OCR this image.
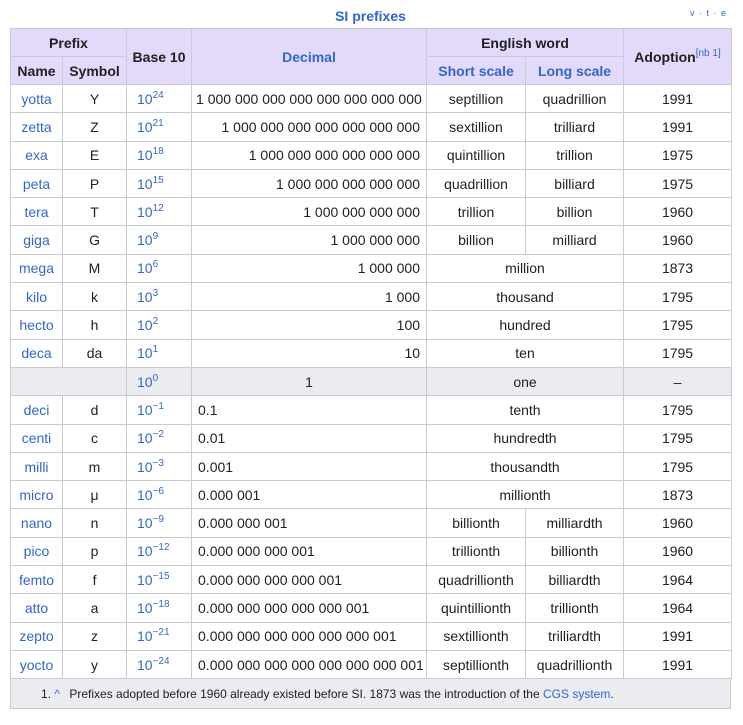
SI prefixes	v · t · e
Prefix		Base 10	Decimal	English word		Adoption[nb 1]
Name	Symbol			Short scale	Long scale	
yotta	Y	$10^{24}$	1 000 000 000 000 000 000 000 000	septillion	quadrillion	1991
zetta	Z	$10^{21}$	1 000 000 000 000 000 000 000	sextillion	trilliard	1991
exa	E	$10^{18}$	1 000 000 000 000 000 000	quintillion	trillion	1975
peta	P	$10^{15}$	1 000 000 000 000 000	quadrillion	billiard	1975
tera	T	$10^{12}$	1 000 000 000 000	trillion	billion	1960
giga	G	$10^9$	1 000 000 000	billion	milliard	1960
mega	M	$10^6$	1 000 000	million		1873
kilo	k	$10^3$	1 000	thousand		1795
hecto	h	$10^2$	100	hundred		1795
deca	da	$10^1$	10	ten		1795
		$10^0$	1	one		–
deci	d	$10^{-1}$	0.1	tenth		1795
centi	c	$10^{-2}$	0.01	hundredth		1795
milli	m	$10^{-3}$	0.001	thousandth		1795
micro	μ	$10^{-6}$	0.000 001	millionth		1873
nano	n	$10^{-9}$	0.000 000 001	billionth	milliardth	1960
pico	p	$10^{-12}$	0.000 000 000 001	trillionth	billionth	1960
femto	f	$10^{-15}$	0.000 000 000 000 001	quadrillionth	billiardth	1964
atto	a	$10^{-18}$	0.000 000 000 000 000 001	quintillionth	trillionth	1964
zepto	z	$10^{-21}$	0.000 000 000 000 000 000 001	sextillionth	trilliardth	1991
yocto	y	$10^{-24}$	0.000 000 000 000 000 000 000 001	septillionth	quadrillionth	1991
1. ^ Prefixes adopted before 1960 already existed before SI. 1873 was the introduction of the CGS system.
